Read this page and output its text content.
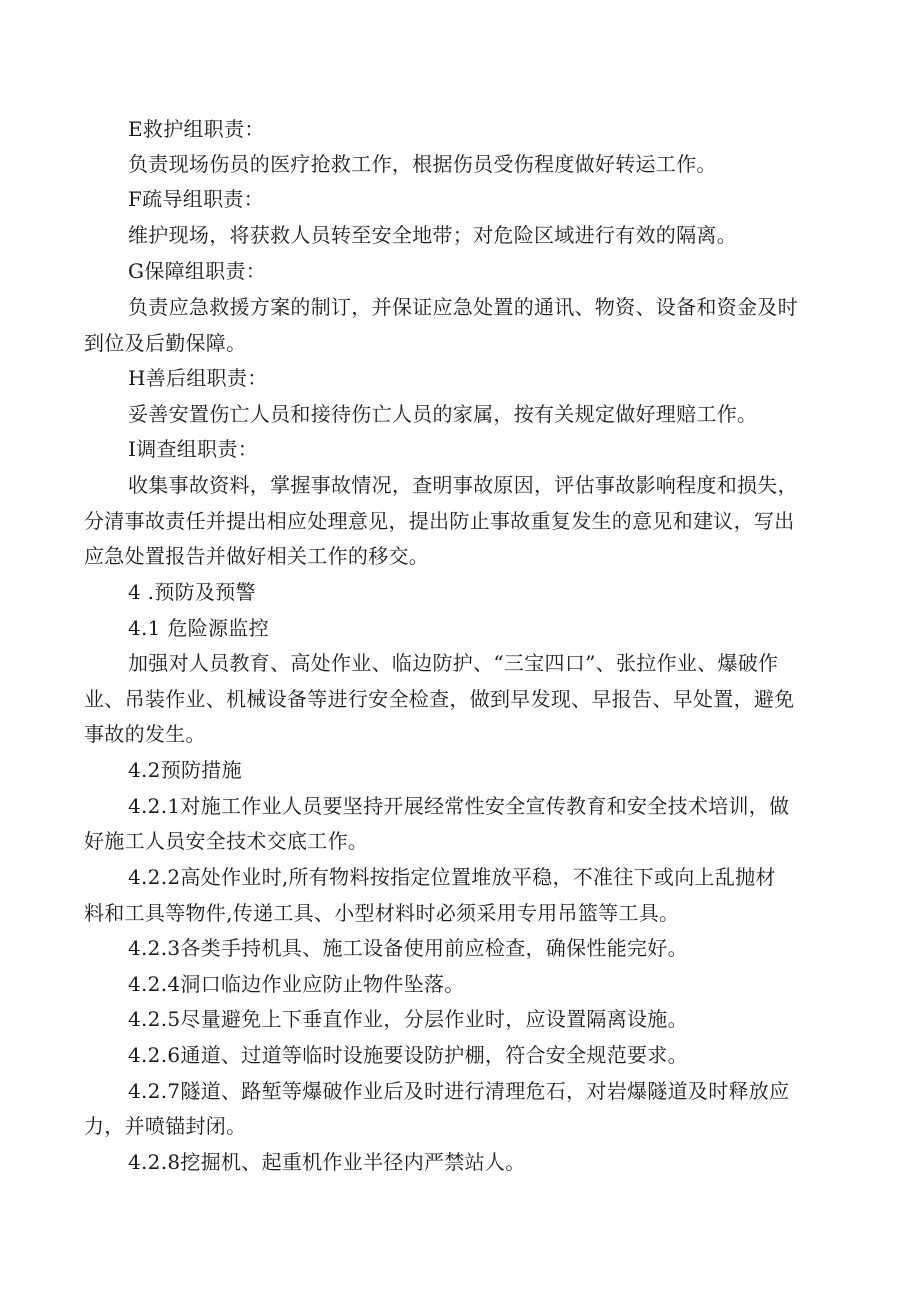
E救护组职责：
负责现场伤员的医疗抢救工作，根据伤员受伤程度做好转运工作。
F疏导组职责：
维护现场，将获救人员转至安全地带；对危险区域进行有效的隔离。
G保障组职责：
负责应急救援方案的制订，并保证应急处置的通讯、物资、设备和资金及时
到位及后勤保障。
H善后组职责：
妥善安置伤亡人员和接待伤亡人员的家属，按有关规定做好理赔工作。
I调查组职责：
收集事故资料，掌握事故情况，查明事故原因，评估事故影响程度和损失，
分清事故责任并提出相应处理意见，提出防止事故重复发生的意见和建议，写出
应急处置报告并做好相关工作的移交。
4 .预防及预警
4.1 危险源监控
加强对人员教育、高处作业、临边防护、“三宝四口”、张拉作业、爆破作
业、吊装作业、机械设备等进行安全检查，做到早发现、早报告、早处置，避免
事故的发生。
4.2预防措施
4.2.1对施工作业人员要坚持开展经常性安全宣传教育和安全技术培训，做
好施工人员安全技术交底工作。
4.2.2高处作业时,所有物料按指定位置堆放平稳，不准往下或向上乱抛材
料和工具等物件,传递工具、小型材料时必须采用专用吊篮等工具。
4.2.3各类手持机具、施工设备使用前应检查，确保性能完好。
4.2.4洞口临边作业应防止物件坠落。
4.2.5尽量避免上下垂直作业，分层作业时，应设置隔离设施。
4.2.6通道、过道等临时设施要设防护棚，符合安全规范要求。
4.2.7隧道、路堑等爆破作业后及时进行清理危石，对岩爆隧道及时释放应
力，并喷锚封闭。
4.2.8挖掘机、起重机作业半径内严禁站人。
